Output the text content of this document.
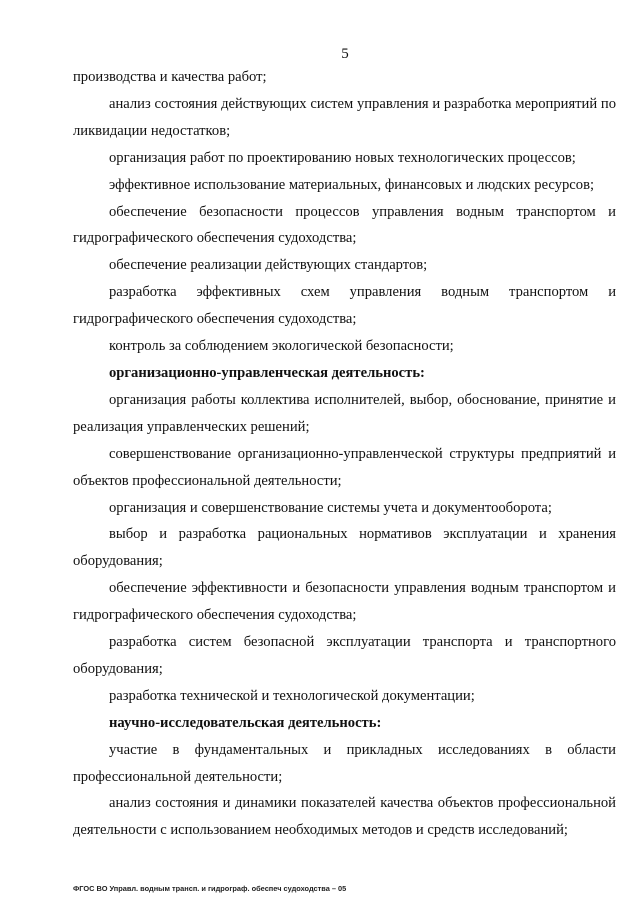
5

производства и качества работ;

анализ состояния действующих систем управления и разработка мероприятий по ликвидации недостатков;

организация работ по проектированию новых технологических процессов;

эффективное использование материальных, финансовых и людских ресурсов;

обеспечение безопасности процессов управления водным транспортом и гидрографического обеспечения судоходства;

обеспечение реализации действующих стандартов;

разработка эффективных схем управления водным транспортом и гидрографического обеспечения судоходства;

контроль за соблюдением экологической безопасности;

организационно-управленческая деятельность:

организация работы коллектива исполнителей, выбор, обоснование, принятие и реализация управленческих решений;

совершенствование организационно-управленческой структуры предприятий и объектов профессиональной деятельности;

организация и совершенствование системы учета и документооборота;

выбор и разработка рациональных нормативов эксплуатации и хранения оборудования;

обеспечение эффективности и безопасности управления водным транспортом и гидрографического обеспечения судоходства;

разработка систем безопасной эксплуатации транспорта и транспортного оборудования;

разработка технической и технологической документации;

научно-исследовательская деятельность:

участие в фундаментальных и прикладных исследованиях в области профессиональной деятельности;

анализ состояния и динамики показателей качества объектов профессиональной деятельности с использованием необходимых методов и средств исследований;

ФГОС ВО Управл. водным трансп. и гидрограф. обеспеч судоходства – 05
